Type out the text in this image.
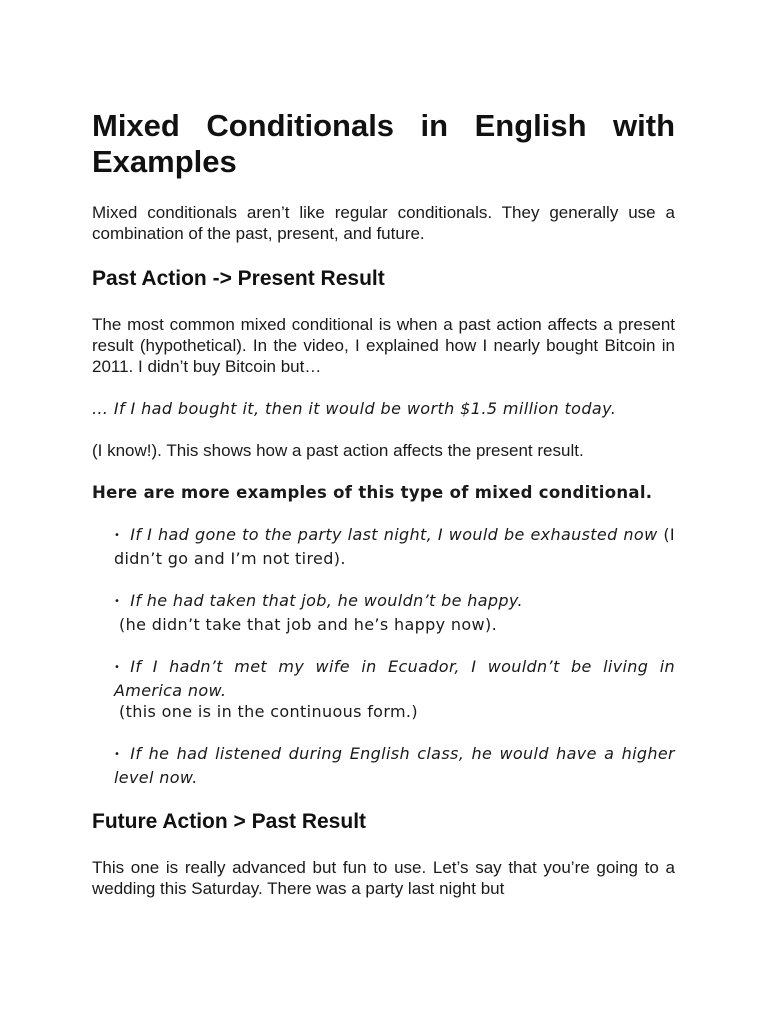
Mixed Conditionals in English with Examples

Mixed conditionals aren’t like regular conditionals. They generally use a combination of the past, present, and future.

Past Action -> Present Result

The most common mixed conditional is when a past action affects a present result (hypothetical). In the video, I explained how I nearly bought Bitcoin in 2011. I didn’t buy Bitcoin but…

… If I had bought it, then it would be worth $1.5 million today.

(I know!). This shows how a past action affects the present result.

Here are more examples of this type of mixed conditional.

• If I had gone to the party last night, I would be exhausted now (I didn’t go and I’m not tired).
• If he had taken that job, he wouldn’t be happy.
(he didn’t take that job and he’s happy now).
• If I hadn’t met my wife in Ecuador, I wouldn’t be living in America now.
(this one is in the continuous form.)
• If he had listened during English class, he would have a higher level now.
Future Action > Past Result

This one is really advanced but fun to use. Let’s say that you’re going to a wedding this Saturday. There was a party last night but
